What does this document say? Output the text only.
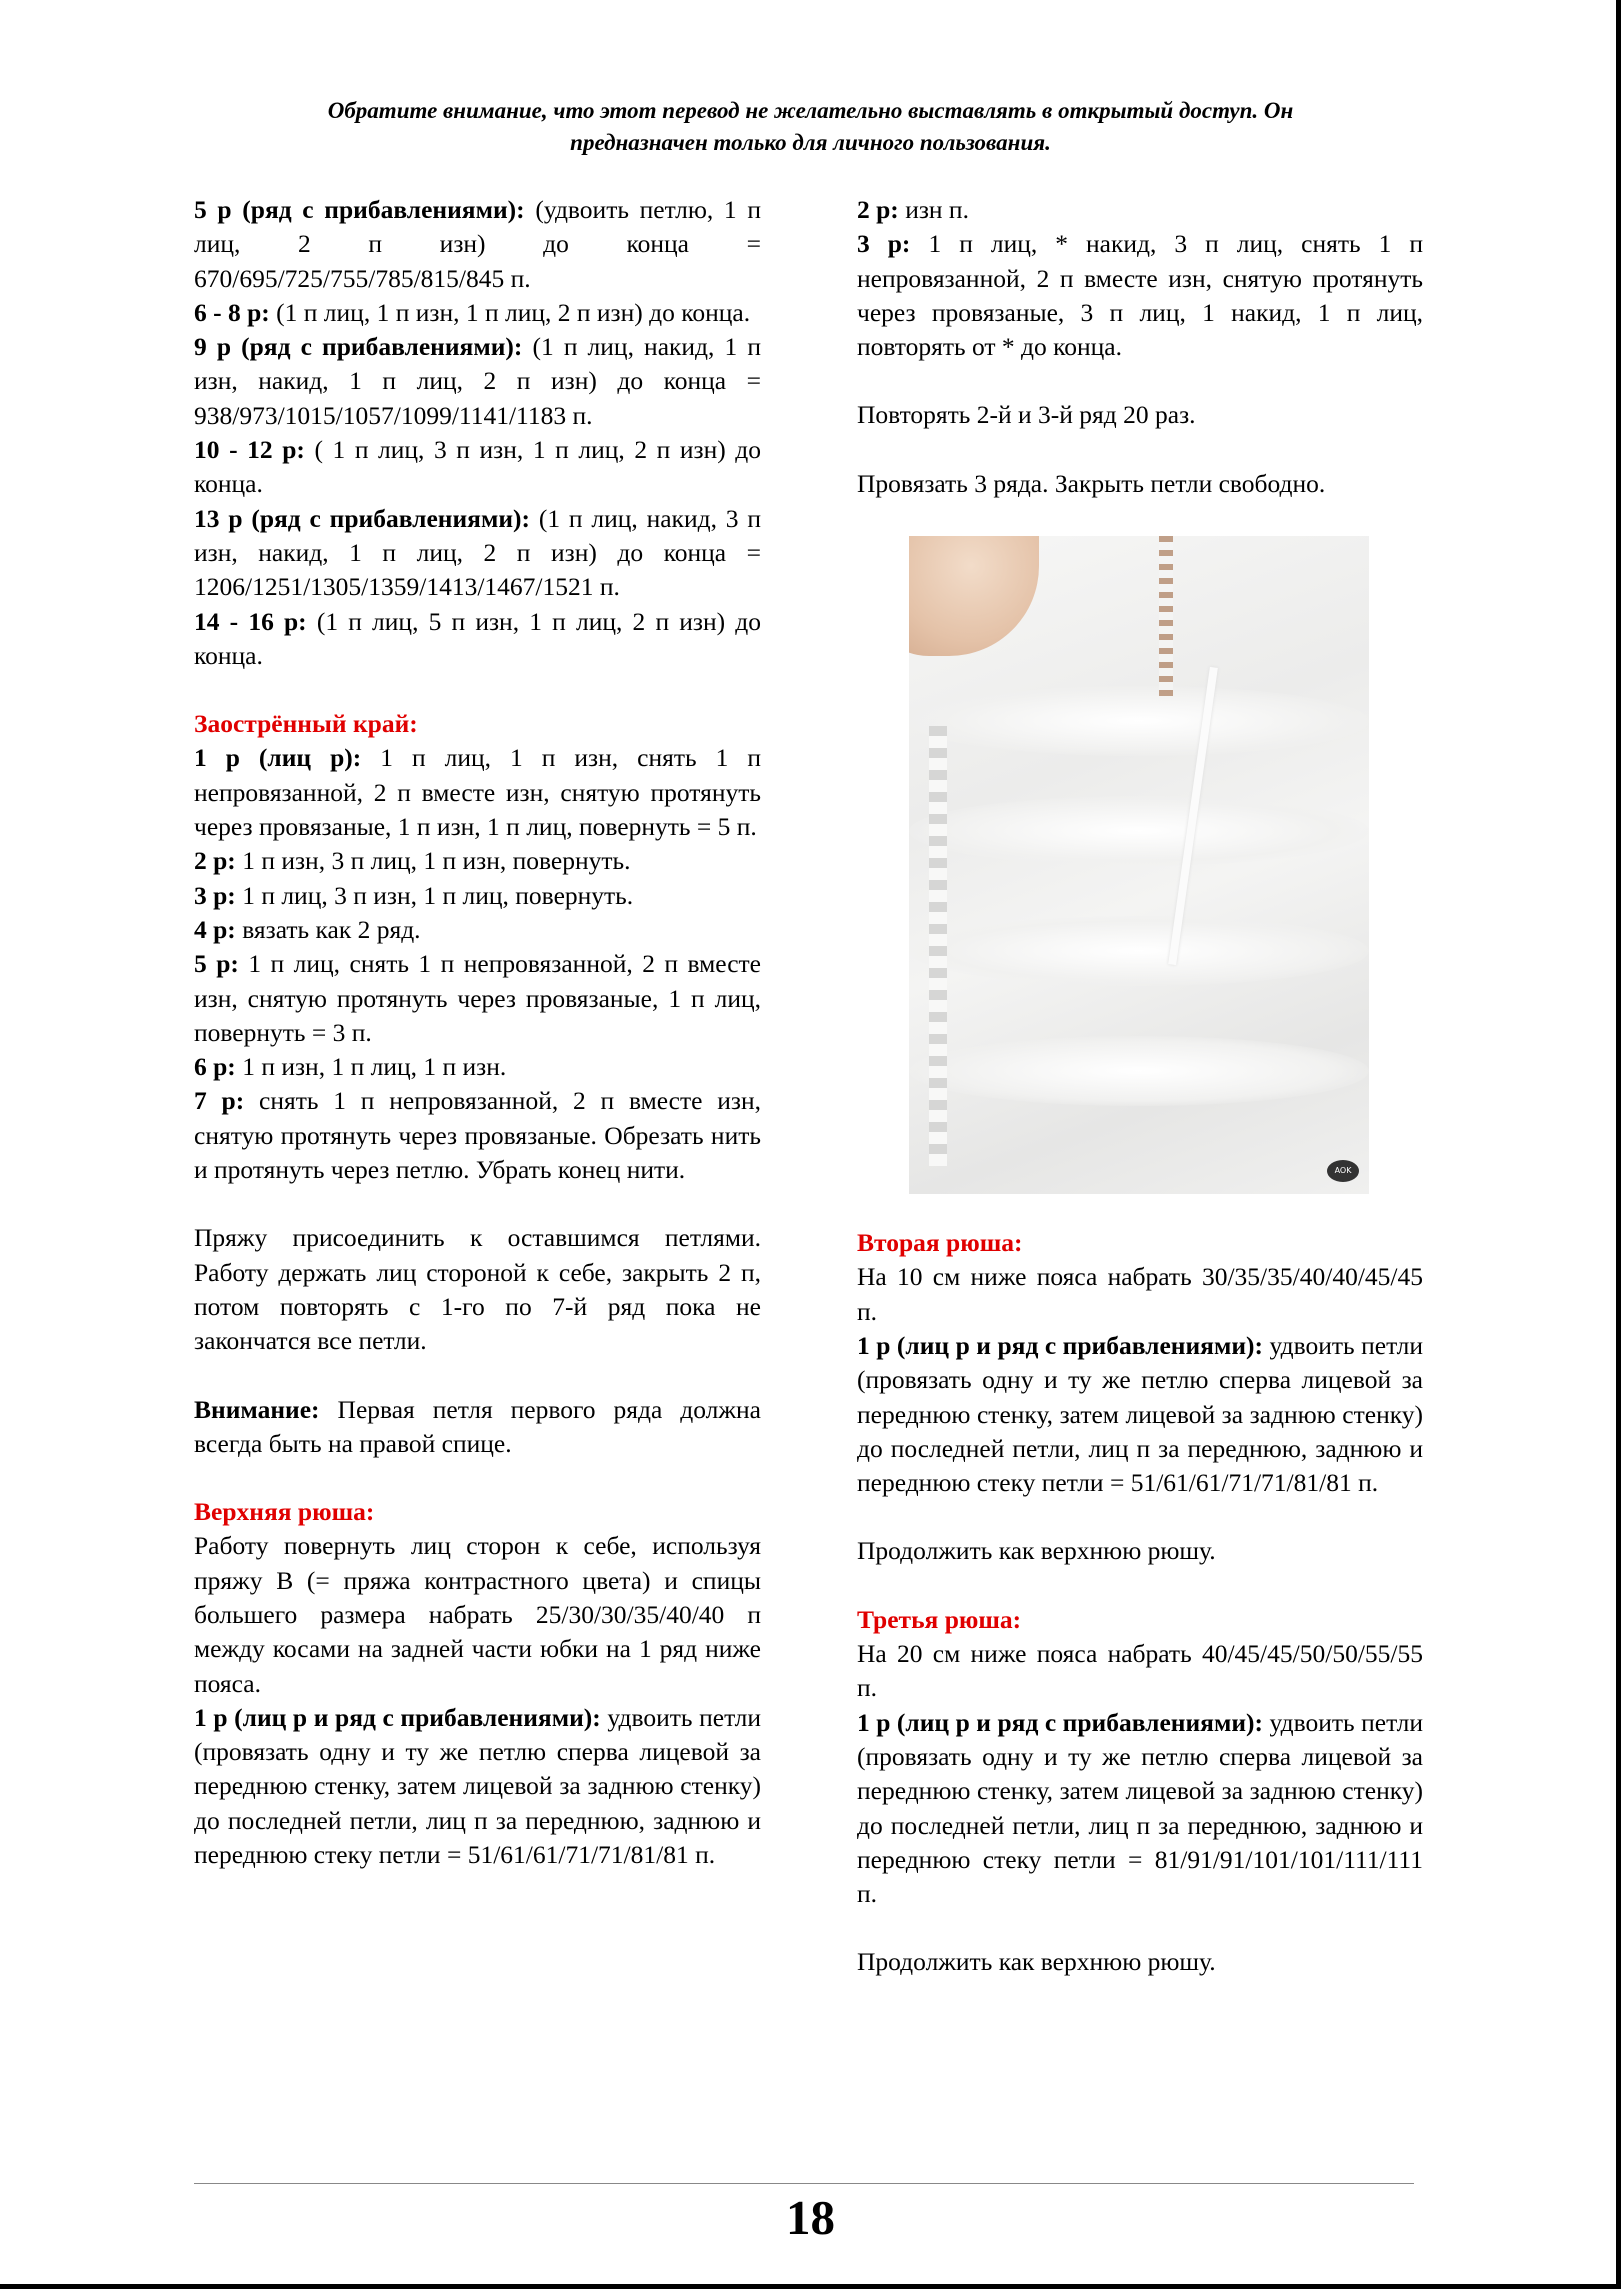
Обратите внимание, что этот перевод не желательно выставлять в открытый доступ. Он
предназначен только для личного пользования.

5 р (ряд с прибавлениями): (удвоить петлю, 1 п лиц, 2 п изн) до конца = 670/695/725/755/785/815/845 п.

6 - 8 р: (1 п лиц, 1 п изн, 1 п лиц, 2 п изн) до конца.

9 р (ряд с прибавлениями): (1 п лиц, накид, 1 п изн, накид, 1 п лиц, 2 п изн) до конца = 938/973/1015/1057/1099/1141/1183 п.

10 - 12 р: ( 1 п лиц, 3 п изн, 1 п лиц, 2 п изн) до конца.

13 р (ряд с прибавлениями): (1 п лиц, накид, 3 п изн, накид, 1 п лиц, 2 п изн) до конца = 1206/1251/1305/1359/1413/1467/1521 п.

14 - 16 р: (1 п лиц, 5 п изн, 1 п лиц, 2 п изн) до конца.

Заострённый край:

1 р (лиц р): 1 п лиц, 1 п изн, снять 1 п непровязанной, 2 п вместе изн, снятую протянуть через провязаные, 1 п изн, 1 п лиц, повернуть = 5 п.

2 р: 1 п изн, 3 п лиц, 1 п изн, повернуть.

3 р: 1 п лиц, 3 п изн, 1 п лиц, повернуть.

4 р: вязать как 2 ряд.

5 р: 1 п лиц, снять 1 п непровязанной, 2 п вместе изн, снятую протянуть через провязаные, 1 п лиц, повернуть = 3 п.

6 р: 1 п изн, 1 п лиц, 1 п изн.

7 р: снять 1 п непровязанной, 2 п вместе изн, снятую протянуть через провязаные. Обрезать нить и протянуть через петлю. Убрать конец нити.

Пряжу присоединить к оставшимся петлями. Работу держать лиц стороной к себе, закрыть 2 п, потом повторять с 1-го по 7-й ряд пока не закончатся все петли.

Внимание: Первая петля первого ряда должна всегда быть на правой спице.

Верхняя рюша:

Работу повернуть лиц сторон к себе, используя пряжу В (= пряжа контрастного цвета) и спицы большего размера набрать 25/30/30/35/40/40 п между косами на задней части юбки на 1 ряд ниже пояса.

1 р (лиц р и ряд с прибавлениями): удвоить петли (провязать одну и ту же петлю сперва лицевой за переднюю стенку, затем лицевой за заднюю стенку) до последней петли, лиц п за переднюю, заднюю и переднюю стеку петли = 51/61/61/71/71/81/81 п.

2 р: изн п.

3 р: 1 п лиц, * накид, 3 п лиц, снять 1 п непровязанной, 2 п вместе изн, снятую протянуть через провязаные, 3 п лиц, 1 накид, 1 п лиц, повторять от * до конца.

Повторять 2-й и 3-й ряд 20 раз.

Провязать 3 ряда. Закрыть петли свободно.

AOK

Вторая рюша:

На 10 см ниже пояса набрать 30/35/35/40/40/45/45 п.

1 р (лиц р и ряд с прибавлениями): удвоить петли (провязать одну и ту же петлю сперва лицевой за переднюю стенку, затем лицевой за заднюю стенку) до последней петли, лиц п за переднюю, заднюю и переднюю стеку петли = 51/61/61/71/71/81/81 п.

Продолжить как верхнюю рюшу.

Третья рюша:

На 20 см ниже пояса набрать 40/45/45/50/50/55/55 п.

1 р (лиц р и ряд с прибавлениями): удвоить петли (провязать одну и ту же петлю сперва лицевой за переднюю стенку, затем лицевой за заднюю стенку) до последней петли, лиц п за переднюю, заднюю и переднюю стеку петли = 81/91/91/101/101/111/111 п.

Продолжить как верхнюю рюшу.

18
